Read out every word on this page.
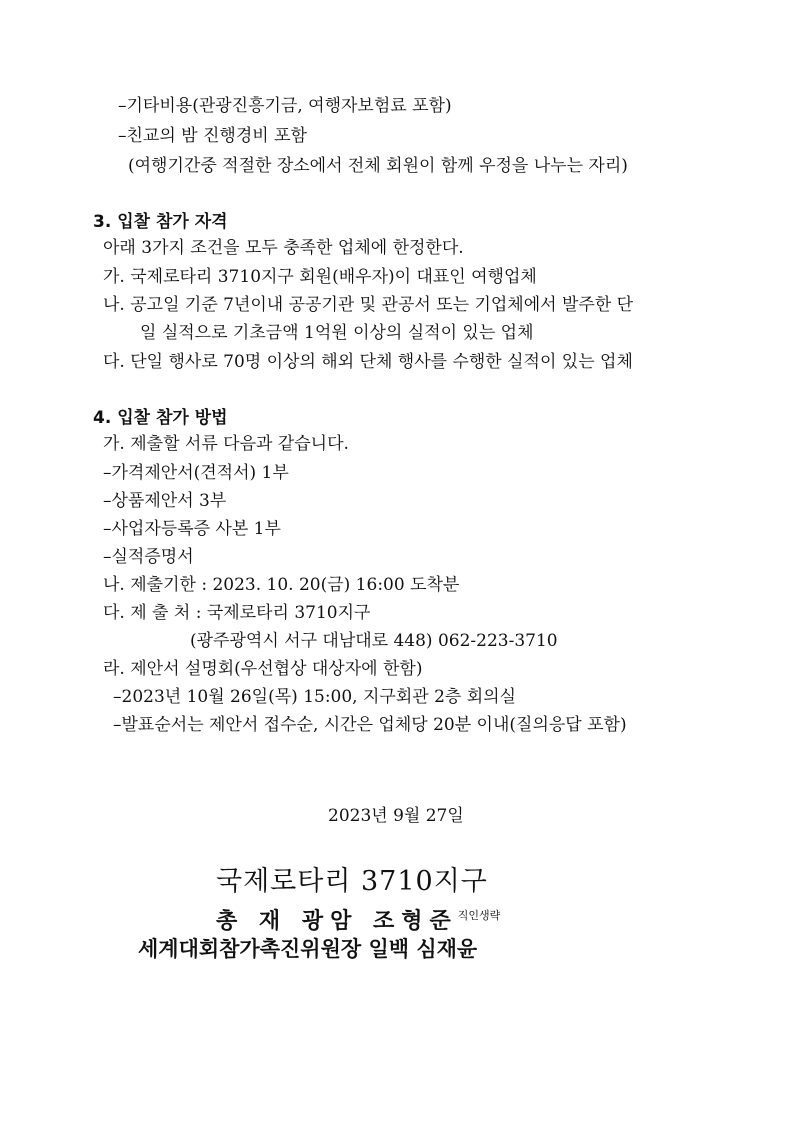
–기타비용(관광진흥기금, 여행자보험료 포함)
–친교의 밤 진행경비 포함
(여행기간중 적절한 장소에서 전체 회원이 함께 우정을 나누는 자리)
3. 입찰 참가 자격
아래 3가지 조건을 모두 충족한 업체에 한정한다.
가. 국제로타리 3710지구 회원(배우자)이 대표인 여행업체
나. 공고일 기준 7년이내 공공기관 및 관공서 또는 기업체에서 발주한 단
일 실적으로 기초금액 1억원 이상의 실적이 있는 업체
다. 단일 행사로 70명 이상의 해외 단체 행사를 수행한 실적이 있는 업체
4. 입찰 참가 방법
가. 제출할 서류 다음과 같습니다.
–가격제안서(견적서) 1부
–상품제안서 3부
–사업자등록증 사본 1부
–실적증명서
나. 제출기한 : 2023. 10. 20(금) 16:00 도착분
다. 제 출 처 : 국제로타리 3710지구
(광주광역시 서구 대남대로 448) 062-223-3710
라. 제안서 설명회(우선협상 대상자에 한함)
–2023년 10월 26일(목) 15:00, 지구회관 2층 회의실
–발표순서는 제안서 접수순, 시간은 업체당 20분 이내(질의응답 포함)
2023년 9월 27일
국제로타리 3710지구
총 재 광암 조형준$^{직인생략}$
세계대회참가촉진위원장 일백 심재윤
